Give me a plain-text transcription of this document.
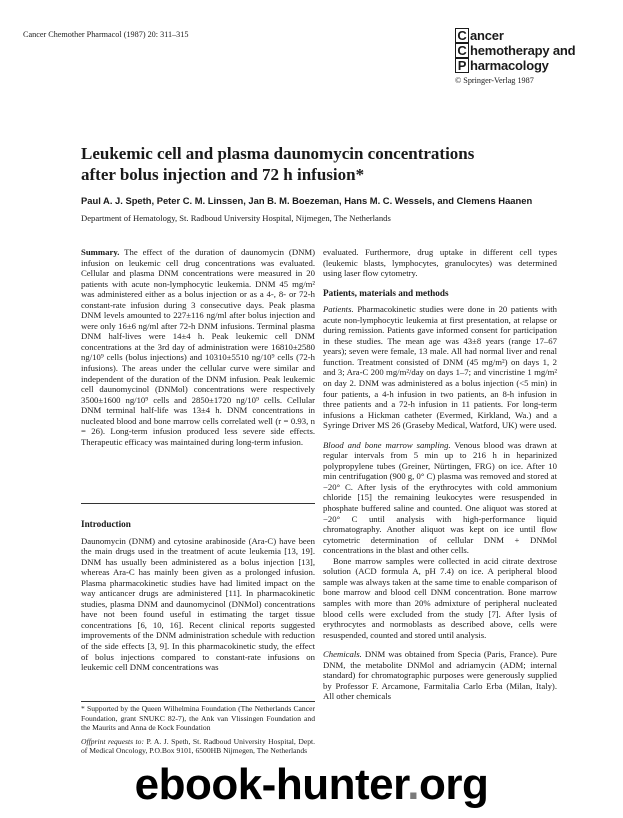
Cancer Chemother Pharmacol (1987) 20: 311–315	C ancer
C hemotherapy and
P harmacology
© Springer-Verlag 1987
Leukemic cell and plasma daunomycin concentrations
after bolus injection and 72 h infusion*
Paul A. J. Speth, Peter C. M. Linssen, Jan B. M. Boezeman, Hans M. C. Wessels, and Clemens Haanen
Department of Hematology, St. Radboud University Hospital, Nijmegen, The Netherlands

Summary. The effect of the duration of daunomycin (DNM) infusion on leukemic cell drug concentrations was evaluated. Cellular and plasma DNM concentrations were measured in 20 patients with acute non-lymphocytic leukemia. DNM 45 mg/m² was administered either as a bolus injection or as a 4-, 8- or 72-h constant-rate infusion during 3 consecutive days. Peak plasma DNM levels amounted to 227±116 ng/ml after bolus injection and were only 16±6 ng/ml after 72-h DNM infusions. Terminal plasma DNM half-lives were 14±4 h. Peak leukemic cell DNM concentrations at the 3rd day of administration were 16810±2580 ng/10⁹ cells (bolus injections) and 10310±5510 ng/10⁹ cells (72-h infusions). The areas under the cellular curve were similar and independent of the duration of the DNM infusion. Peak leukemic cell daunomycinol (DNMol) concentrations were respectively 3500±1600 ng/10⁹ cells and 2850±1720 ng/10⁹ cells. Cellular DNM terminal half-life was 13±4 h. DNM concentrations in nucleated blood and bone marrow cells correlated well (r = 0.93, n = 26). Long-term infusion produced less severe side effects. Therapeutic efficacy was maintained during long-term infusion.

Introduction

Daunomycin (DNM) and cytosine arabinoside (Ara-C) have been the main drugs used in the treatment of acute leukemia [13, 19]. DNM has usually been administered as a bolus injection [13], whereas Ara-C has mainly been given as a prolonged infusion. Plasma pharmacokinetic studies have had limited impact on the way anticancer drugs are administered [11]. In pharmacokinetic studies, plasma DNM and daunomycinol (DNMol) concentrations have not been found useful in estimating the target tissue concentrations [6, 10, 16]. Recent clinical reports suggested improvements of the DNM administration schedule with reduction of the side effects [3, 9]. In this pharmacokinetic study, the effect of bolus injections compared to constant-rate infusions on leukemic cell DNM concentrations was

* Supported by the Queen Wilhelmina Foundation (The Netherlands Cancer Foundation, grant SNUKC 82-7), the Ank van Vlissingen Foundation and the Maurits and Anna de Kock Foundation

Offprint requests to: P. A. J. Speth, St. Radboud University Hospital, Dept. of Medical Oncology, P.O.Box 9101, 6500HB Nijmegen, The Netherlands

evaluated. Furthermore, drug uptake in different cell types (leukemic blasts, lymphocytes, granulocytes) was determined using laser flow cytometry.

Patients, materials and methods

Patients. Pharmacokinetic studies were done in 20 patients with acute non-lymphocytic leukemia at first presentation, at relapse or during remission. Patients gave informed consent for participation in these studies. The mean age was 43±8 years (range 17–67 years); seven were female, 13 male. All had normal liver and renal function. Treatment consisted of DNM (45 mg/m²) on days 1, 2 and 3; Ara-C 200 mg/m²/day on days 1–7; and vincristine 1 mg/m² on day 2. DNM was administered as a bolus injection (<5 min) in four patients, a 4-h infusion in two patients, an 8-h infusion in three patients and a 72-h infusion in 11 patients. For long-term infusions a Hickman catheter (Evermed, Kirkland, Wa.) and a Syringe Driver MS 26 (Graseby Medical, Watford, UK) were used.

Blood and bone marrow sampling. Venous blood was drawn at regular intervals from 5 min up to 216 h in heparinized polypropylene tubes (Greiner, Nürtingen, FRG) on ice. After 10 min centrifugation (900 g, 0° C) plasma was removed and stored at −20° C. After lysis of the erythrocytes with cold ammonium chloride [15] the remaining leukocytes were resuspended in phosphate buffered saline and counted. One aliquot was stored at −20° C until analysis with high-performance liquid chromatography. Another aliquot was kept on ice until flow cytometric determination of cellular DNM + DNMol concentrations in the blast and other cells.

Bone marrow samples were collected in acid citrate dextrose solution (ACD formula A, pH 7.4) on ice. A peripheral blood sample was always taken at the same time to enable comparison of bone marrow and blood cell DNM concentration. Bone marrow samples with more than 20% admixture of peripheral nucleated blood cells were excluded from the study [7]. After lysis of erythrocytes and normoblasts as described above, cells were resuspended, counted and stored until analysis.

Chemicals. DNM was obtained from Specia (Paris, France). Pure DNM, the metabolite DNMol and adriamycin (ADM; internal standard) for chromatographic purposes were generously supplied by Professor F. Arcamone, Farmitalia Carlo Erba (Milan, Italy). All other chemicals

ebook-hunter.org
